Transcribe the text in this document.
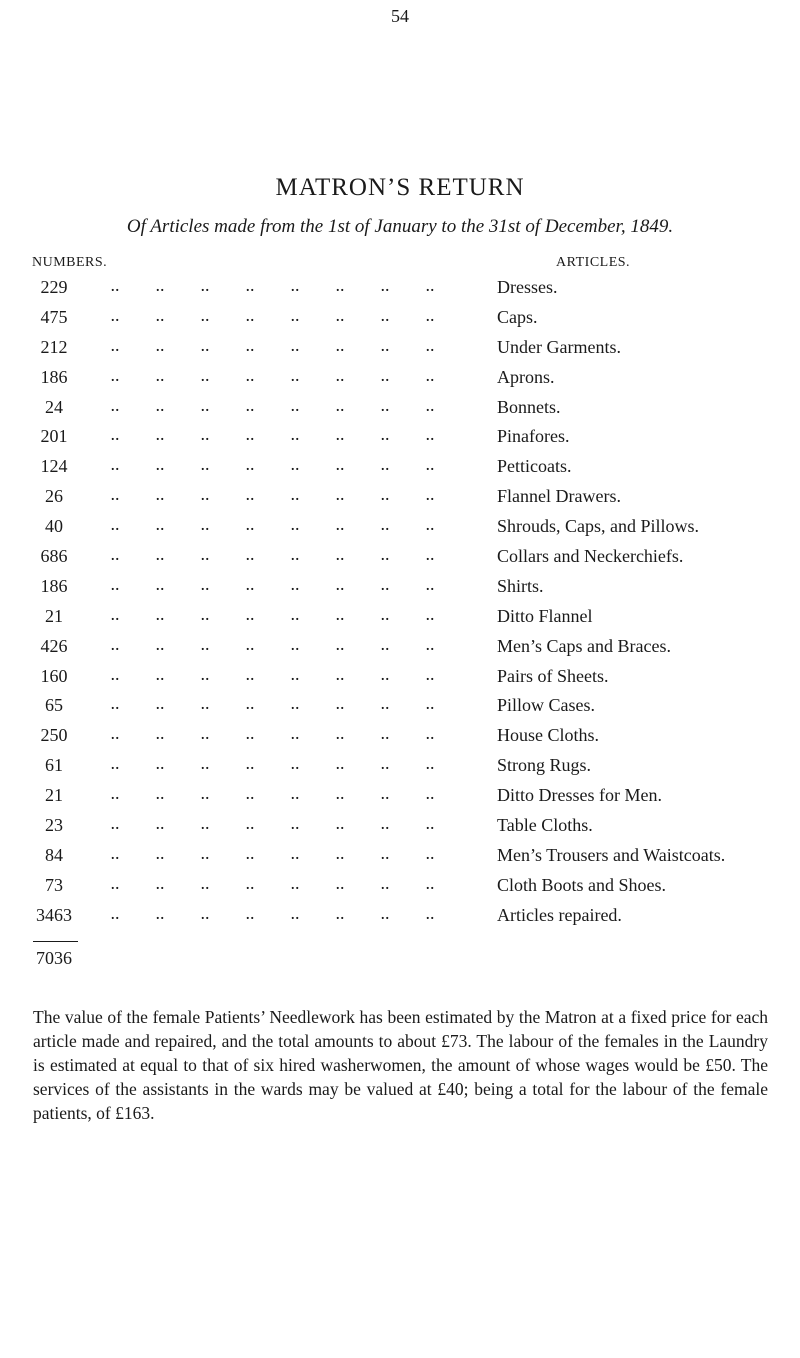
54
MATRON’S RETURN
Of Articles made from the 1st of January to the 31st of December, 1849.
NUMBERS.	ARTICLES.
229	..        ..        ..        ..        ..        ..        ..        ..	Dresses.
475	..        ..        ..        ..        ..        ..        ..        ..	Caps.
212	..        ..        ..        ..        ..        ..        ..        ..	Under Garments.
186	..        ..        ..        ..        ..        ..        ..        ..	Aprons.
24	..        ..        ..        ..        ..        ..        ..        ..	Bonnets.
201	..        ..        ..        ..        ..        ..        ..        ..	Pinafores.
124	..        ..        ..        ..        ..        ..        ..        ..	Petticoats.
26	..        ..        ..        ..        ..        ..        ..        ..	Flannel Drawers.
40	..        ..        ..        ..        ..        ..        ..        ..	Shrouds, Caps, and Pillows.
686	..        ..        ..        ..        ..        ..        ..        ..	Collars and Neckerchiefs.
186	..        ..        ..        ..        ..        ..        ..        ..	Shirts.
21	..        ..        ..        ..        ..        ..        ..        ..	Ditto Flannel
426	..        ..        ..        ..        ..        ..        ..        ..	Men’s Caps and Braces.
160	..        ..        ..        ..        ..        ..        ..        ..	Pairs of Sheets.
65	..        ..        ..        ..        ..        ..        ..        ..	Pillow Cases.
250	..        ..        ..        ..        ..        ..        ..        ..	House Cloths.
61	..        ..        ..        ..        ..        ..        ..        ..	Strong Rugs.
21	..        ..        ..        ..        ..        ..        ..        ..	Ditto Dresses for Men.
23	..        ..        ..        ..        ..        ..        ..        ..	Table Cloths.
84	..        ..        ..        ..        ..        ..        ..        ..	Men’s Trousers and Waistcoats.
73	..        ..        ..        ..        ..        ..        ..        ..	Cloth Boots and Shoes.
3463 ..        ..        ..        ..        ..        ..        ..        ..	Articles repaired.
7036
The value of the female Patients’ Needlework has been estimated by the Matron at a fixed price for each article made and repaired, and the total amounts to about £73. The labour of the females in the Laundry is estimated at equal to that of six hired washerwomen, the amount of whose wages would be £50. The services of the assistants in the wards may be valued at £40; being a total for the labour of the female patients, of £163.
